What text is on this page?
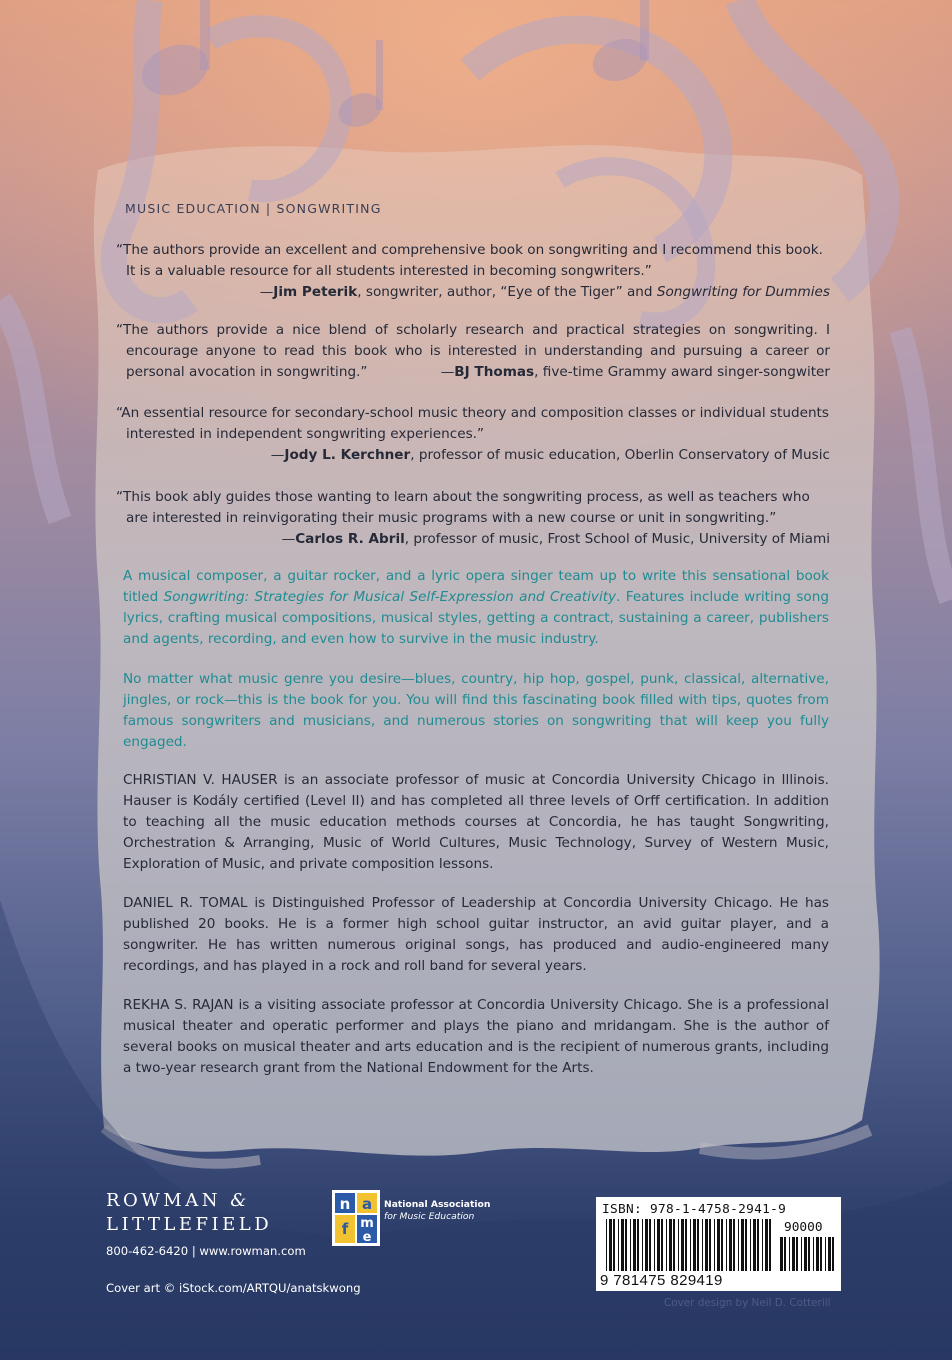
MUSIC EDUCATION | SONGWRITING

“The authors provide an excellent and comprehensive book on songwriting and I recommend this book. It is a valuable resource for all students interested in becoming songwriters.”

—Jim Peterik, songwriter, author, “Eye of the Tiger” and Songwriting for Dummies

“The authors provide a nice blend of scholarly research and practical strategies on songwriting. I encourage anyone to read this book who is interested in understanding and pursuing a career or personal avocation in songwriting.”	—BJ Thomas, five-time Grammy award singer-songwiter

“An essential resource for secondary-school music theory and composition classes or individual students interested in independent songwriting experiences.”

—Jody L. Kerchner, professor of music education, Oberlin Conservatory of Music

“This book ably guides those wanting to learn about the songwriting process, as well as teachers who are interested in reinvigorating their music programs with a new course or unit in songwriting.”

—Carlos R. Abril, professor of music, Frost School of Music, University of Miami

A musical composer, a guitar rocker, and a lyric opera singer team up to write this sensational book titled Songwriting: Strategies for Musical Self-Expression and Creativity. Features include writing song lyrics, crafting musical compositions, musical styles, getting a contract, sustaining a career, publishers and agents, recording, and even how to survive in the music industry.

No matter what music genre you desire—blues, country, hip hop, gospel, punk, classical, alternative, jingles, or rock—this is the book for you. You will find this fascinating book filled with tips, quotes from famous songwriters and musicians, and numerous stories on songwriting that will keep you fully engaged.

CHRISTIAN V. HAUSER is an associate professor of music at Concordia University Chicago in Illinois. Hauser is Kodály certified (Level II) and has completed all three levels of Orff certification. In addition to teaching all the music education methods courses at Concordia, he has taught Songwriting, Orchestration & Arranging, Music of World Cultures, Music Technology, Survey of Western Music, Exploration of Music, and private composition lessons.

DANIEL R. TOMAL is Distinguished Professor of Leadership at Concordia University Chicago. He has published 20 books. He is a former high school guitar instructor, an avid guitar player, and a songwriter. He has written numerous original songs, has produced and audio-engineered many recordings, and has played in a rock and roll band for several years.

REKHA S. RAJAN is a visiting associate professor at Concordia University Chicago. She is a professional musical theater and operatic performer and plays the piano and mridangam. She is the author of several books on musical theater and arts education and is the recipient of numerous grants, including a two-year research grant from the National Endowment for the Arts.

ROWMAN &
LITTLEFIELD
800-462-6420 | www.rowman.com
Cover art © iStock.com/ARTQU/anatskwong
n a
f m
e
National Association
for Music Education	ISBN: 978-1-4758-2941-9
90000
9 781475 829419
Cover design by Neil D. Cotterill
